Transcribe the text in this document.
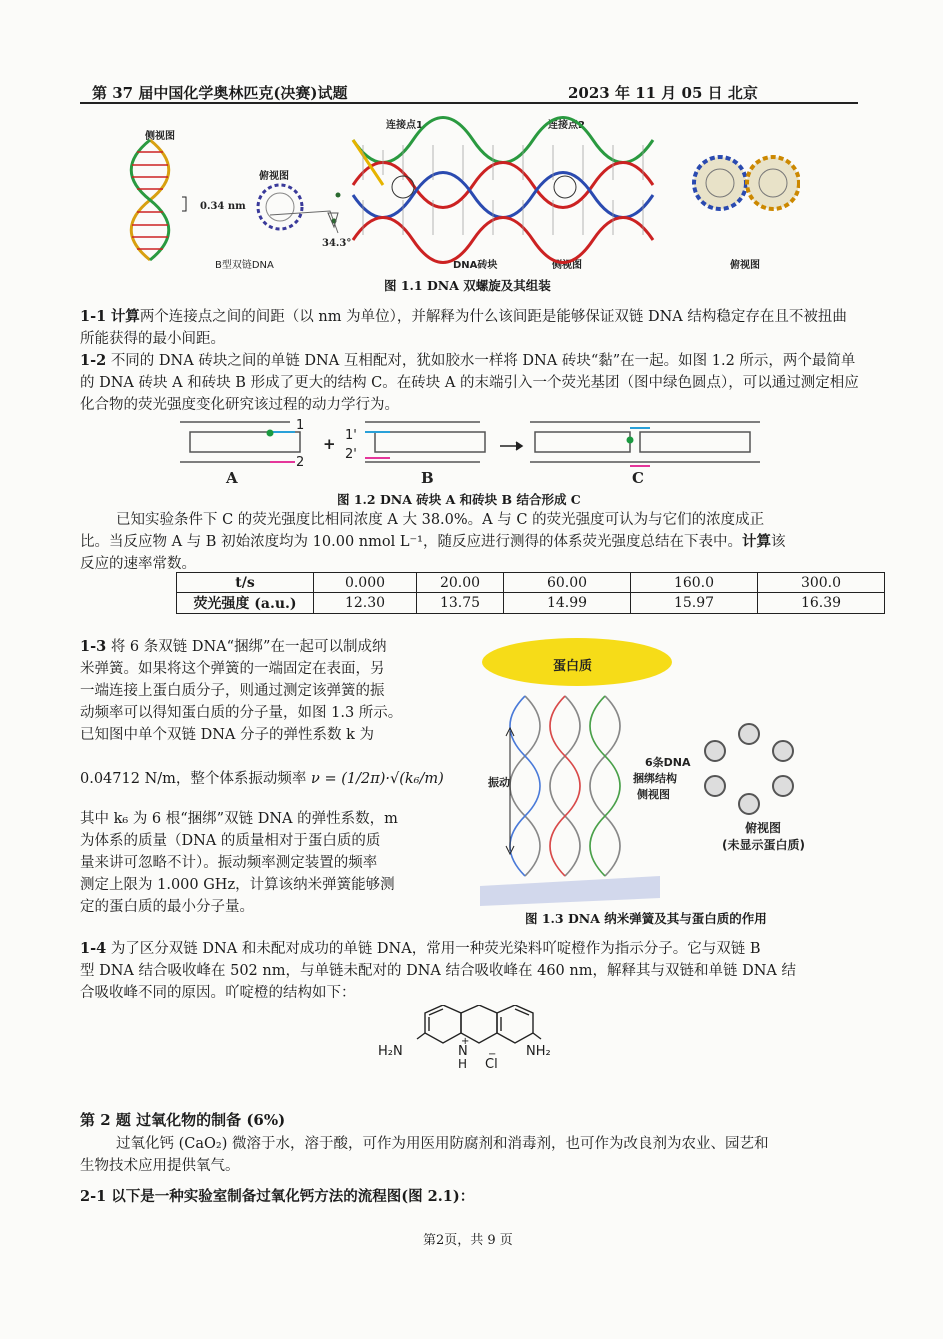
第 37 届中国化学奥林匹克(决赛)试题	2023 年 11 月 05 日 北京
侧视图
俯视图
0.34 nm
34.3°
B型双链DNA
连接点1	连接点2
DNA砖块	侧视图	俯视图
图 1.1 DNA 双螺旋及其组装
1-1 计算两个连接点之间的间距（以 nm 为单位），并解释为什么该间距是能够保证双链 DNA 结构稳定存在且不被扭曲所能获得的最小间距。
1-2 不同的 DNA 砖块之间的单链 DNA 互相配对，犹如胶水一样将 DNA 砖块“黏”在一起。如图 1.2 所示，两个最简单的 DNA 砖块 A 和砖块 B 形成了更大的结构 C。在砖块 A 的末端引入一个荧光基团（图中绿色圆点），可以通过测定相应化合物的荧光强度变化研究该过程的动力学行为。
1
2
1'
2'
+
A	B	C
图 1.2 DNA 砖块 A 和砖块 B 结合形成 C
已知实验条件下 C 的荧光强度比相同浓度 A 大 38.0%。A 与 C 的荧光强度可认为与它们的浓度成正
比。当反应物 A 与 B 初始浓度均为 10.00 nmol L⁻¹，随反应进行测得的体系荧光强度总结在下表中。计算该
反应的速率常数。
t/s	0.000	20.00	60.00	160.0	300.0
荧光强度 (a.u.)	12.30	13.75	14.99	15.97	16.39
1-3 将 6 条双链 DNA“捆绑”在一起可以制成纳
米弹簧。如果将这个弹簧的一端固定在表面，另
一端连接上蛋白质分子，则通过测定该弹簧的振
动频率可以得知蛋白质的分子量，如图 1.3 所示。
已知图中单个双链 DNA 分子的弹性系数 k 为
0.04712 N/m，整个体系振动频率 ν = (1/2π)·√(k₆/m)
其中 k₆ 为 6 根“捆绑”双链 DNA 的弹性系数，m
为体系的质量（DNA 的质量相对于蛋白质的质
量来讲可忽略不计）。振动频率测定装置的频率
测定上限为 1.000 GHz，计算该纳米弹簧能够测
定的蛋白质的最小分子量。
蛋白质
振动
6条DNA
捆绑结构
侧视图
俯视图
(未显示蛋白质)
图 1.3 DNA 纳米弹簧及其与蛋白质的作用
1-4 为了区分双链 DNA 和未配对成功的单链 DNA，常用一种荧光染料吖啶橙作为指示分子。它与双链 B
型 DNA 结合吸收峰在 502 nm，与单链未配对的 DNA 结合吸收峰在 460 nm，解释其与双链和单链 DNA 结
合吸收峰不同的原因。吖啶橙的结构如下：
H₂N	NH₂
N
+
H Cl
−
第 2 题 过氧化物的制备 (6%)
过氧化钙 (CaO₂) 微溶于水，溶于酸，可作为用医用防腐剂和消毒剂，也可作为改良剂为农业、园艺和
生物技术应用提供氧气。
2-1 以下是一种实验室制备过氧化钙方法的流程图(图 2.1)：
第2页，共 9 页
